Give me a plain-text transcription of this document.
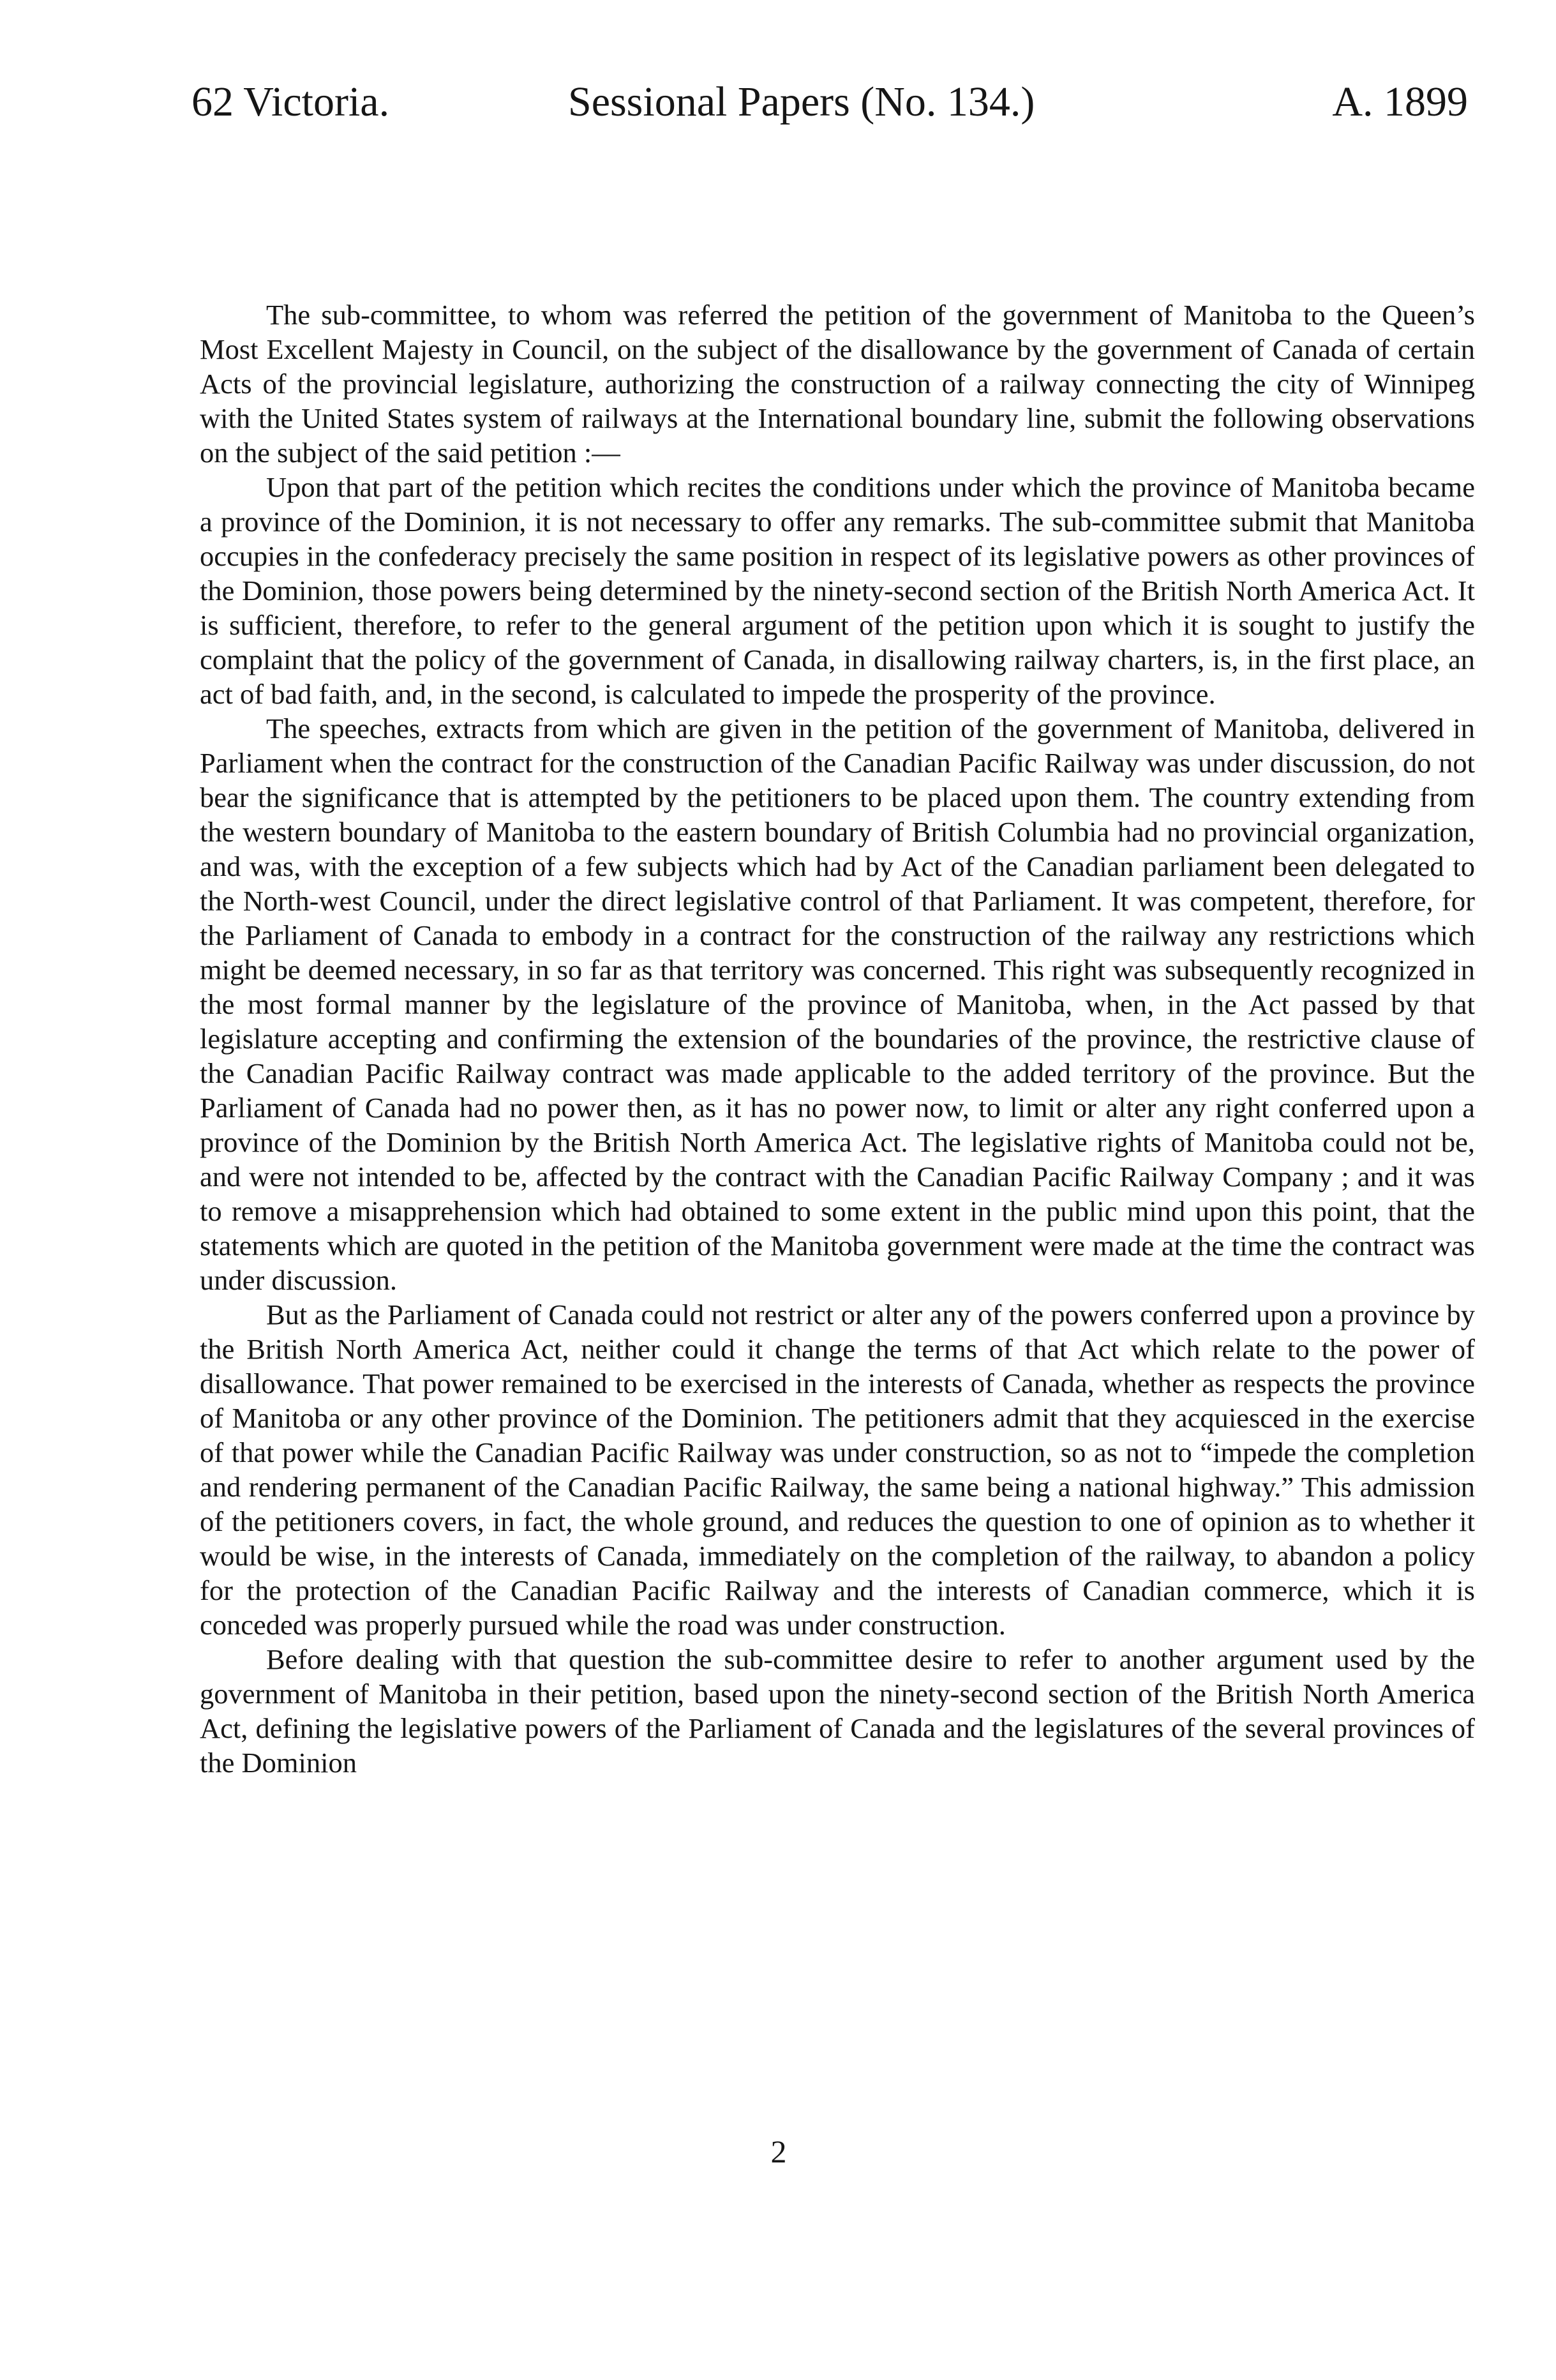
62 Victoria.	Sessional Papers (No. 134.)	A. 1899

The sub-committee, to whom was referred the petition of the government of Manitoba to the Queen’s Most Excellent Majesty in Council, on the subject of the disallowance by the government of Canada of certain Acts of the provincial legislature, authorizing the construction of a railway connecting the city of Winnipeg with the United States system of railways at the International boundary line, submit the following observations on the subject of the said petition :—

Upon that part of the petition which recites the conditions under which the province of Manitoba became a province of the Dominion, it is not necessary to offer any remarks. The sub-committee submit that Manitoba occupies in the confederacy precisely the same position in respect of its legislative powers as other provinces of the Dominion, those powers being determined by the ninety-second section of the British North America Act. It is sufficient, therefore, to refer to the general argument of the petition upon which it is sought to justify the complaint that the policy of the government of Canada, in disallowing railway charters, is, in the first place, an act of bad faith, and, in the second, is calculated to impede the prosperity of the province.

The speeches, extracts from which are given in the petition of the government of Manitoba, delivered in Parliament when the contract for the construction of the Canadian Pacific Railway was under discussion, do not bear the significance that is attempted by the petitioners to be placed upon them. The country extending from the western boundary of Manitoba to the eastern boundary of British Columbia had no provincial organization, and was, with the exception of a few subjects which had by Act of the Canadian parliament been delegated to the North-west Council, under the direct legislative control of that Parliament. It was competent, therefore, for the Parliament of Canada to embody in a contract for the construction of the railway any restrictions which might be deemed necessary, in so far as that territory was concerned. This right was subsequently recognized in the most formal manner by the legislature of the province of Manitoba, when, in the Act passed by that legislature accepting and confirming the extension of the boundaries of the province, the restrictive clause of the Canadian Pacific Railway contract was made applicable to the added territory of the province. But the Parliament of Canada had no power then, as it has no power now, to limit or alter any right conferred upon a province of the Dominion by the British North America Act. The legislative rights of Manitoba could not be, and were not intended to be, affected by the contract with the Canadian Pacific Railway Company ; and it was to remove a misapprehension which had obtained to some extent in the public mind upon this point, that the statements which are quoted in the petition of the Manitoba government were made at the time the contract was under discussion.

But as the Parliament of Canada could not restrict or alter any of the powers conferred upon a province by the British North America Act, neither could it change the terms of that Act which relate to the power of disallowance. That power remained to be exercised in the interests of Canada, whether as respects the province of Manitoba or any other province of the Dominion. The petitioners admit that they acquiesced in the exercise of that power while the Canadian Pacific Railway was under construction, so as not to “impede the completion and rendering permanent of the Canadian Pacific Railway, the same being a national highway.” This admission of the petitioners covers, in fact, the whole ground, and reduces the question to one of opinion as to whether it would be wise, in the interests of Canada, immediately on the completion of the railway, to abandon a policy for the protection of the Canadian Pacific Railway and the interests of Canadian commerce, which it is conceded was properly pursued while the road was under construction.

Before dealing with that question the sub-committee desire to refer to another argument used by the government of Manitoba in their petition, based upon the ninety-second section of the British North America Act, defining the legislative powers of the Parliament of Canada and the legislatures of the several provinces of the Dominion

2
